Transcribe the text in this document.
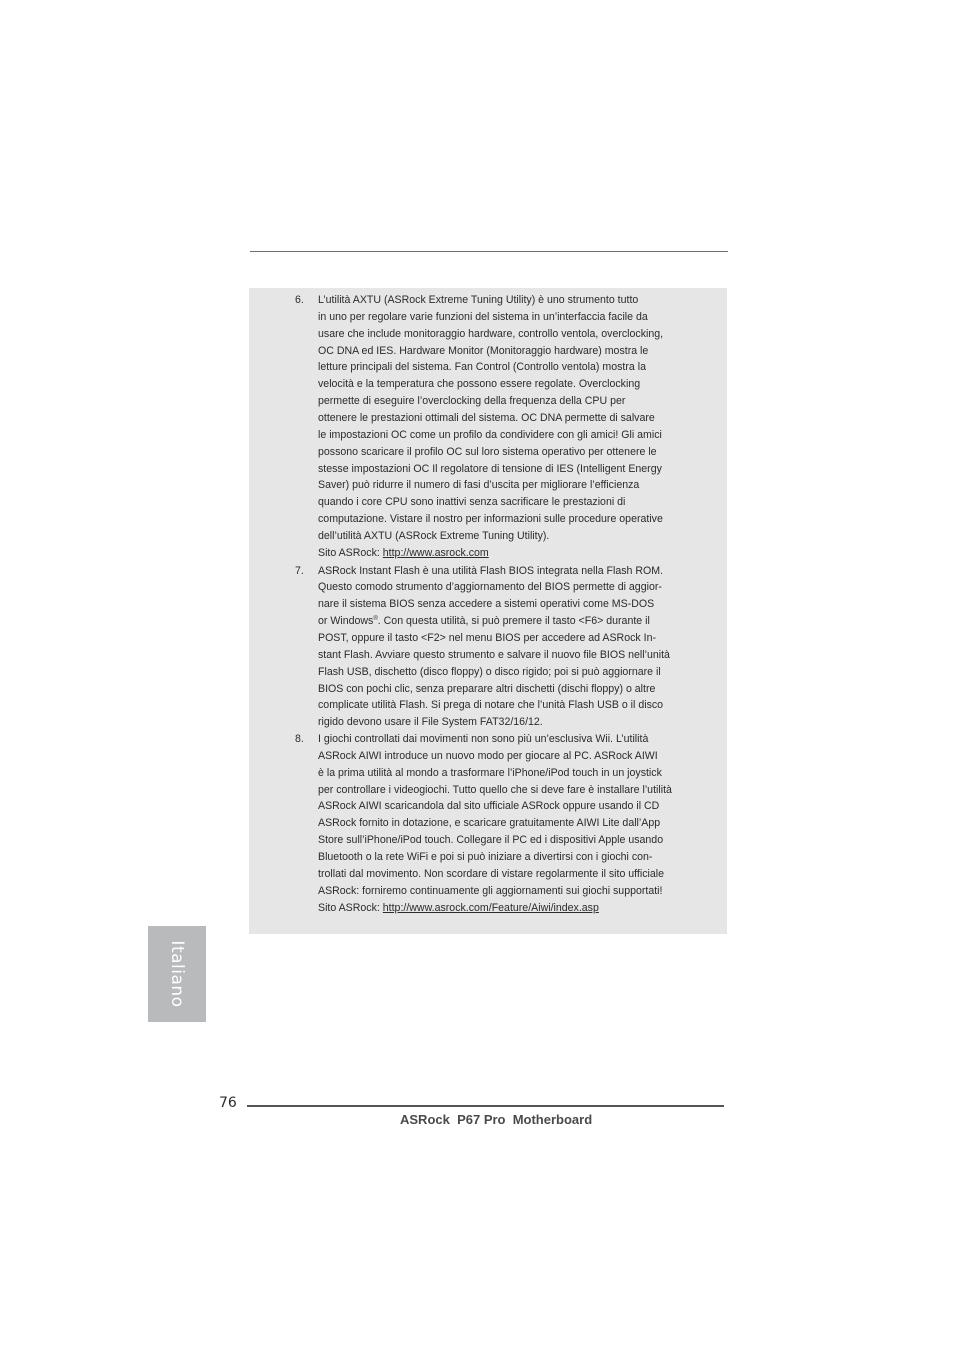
6. L’utilità AXTU (ASRock Extreme Tuning Utility) è uno strumento tutto
in uno per regolare varie funzioni del sistema in un’interfaccia facile da
usare che include monitoraggio hardware, controllo ventola, overclocking,
OC DNA ed IES. Hardware Monitor (Monitoraggio hardware) mostra le
letture principali del sistema. Fan Control (Controllo ventola) mostra la
velocità e la temperatura che possono essere regolate. Overclocking
permette di eseguire l’overclocking della frequenza della CPU per
ottenere le prestazioni ottimali del sistema. OC DNA permette di salvare
le impostazioni OC come un profilo da condividere con gli amici! Gli amici
possono scaricare il profilo OC sul loro sistema operativo per ottenere le
stesse impostazioni OC Il regolatore di tensione di IES (Intelligent Energy
Saver) può ridurre il numero di fasi d’uscita per migliorare l’efficienza
quando i core CPU sono inattivi senza sacrificare le prestazioni di
computazione. Vistare il nostro per informazioni sulle procedure operative
dell’utilità AXTU (ASRock Extreme Tuning Utility).
Sito ASRock: http://www.asrock.com
7. ASRock Instant Flash è una utilità Flash BIOS integrata nella Flash ROM.
Questo comodo strumento d’aggiornamento del BIOS permette di aggior-
nare il sistema BIOS senza accedere a sistemi operativi come MS-DOS
or Windows®. Con questa utilità, si può premere il tasto <F6> durante il
POST, oppure il tasto <F2> nel menu BIOS per accedere ad ASRock In-
stant Flash. Avviare questo strumento e salvare il nuovo file BIOS nell’unità
Flash USB, dischetto (disco floppy) o disco rigido; poi si può aggiornare il
BIOS con pochi clic, senza preparare altri dischetti (dischi floppy) o altre
complicate utilità Flash. Si prega di notare che l’unità Flash USB o il disco
rigido devono usare il File System FAT32/16/12.
8. I giochi controllati dai movimenti non sono più un’esclusiva Wii. L’utilità
ASRock AIWI introduce un nuovo modo per giocare al PC. ASRock AIWI
è la prima utilità al mondo a trasformare l’iPhone/iPod touch in un joystick
per controllare i videogiochi. Tutto quello che si deve fare è installare l’utilità
ASRock AIWI scaricandola dal sito ufficiale ASRock oppure usando il CD
ASRock fornito in dotazione, e scaricare gratuitamente AIWI Lite dall’App
Store sull’iPhone/iPod touch. Collegare il PC ed i dispositivi Apple usando
Bluetooth o la rete WiFi e poi si può iniziare a divertirsi con i giochi con-
trollati dal movimento. Non scordare di vistare regolarmente il sito ufficiale
ASRock: forniremo continuamente gli aggiornamenti sui giochi supportati!
Sito ASRock: http://www.asrock.com/Feature/Aiwi/index.asp
Italiano
76
ASRock  P67 Pro  Motherboard
